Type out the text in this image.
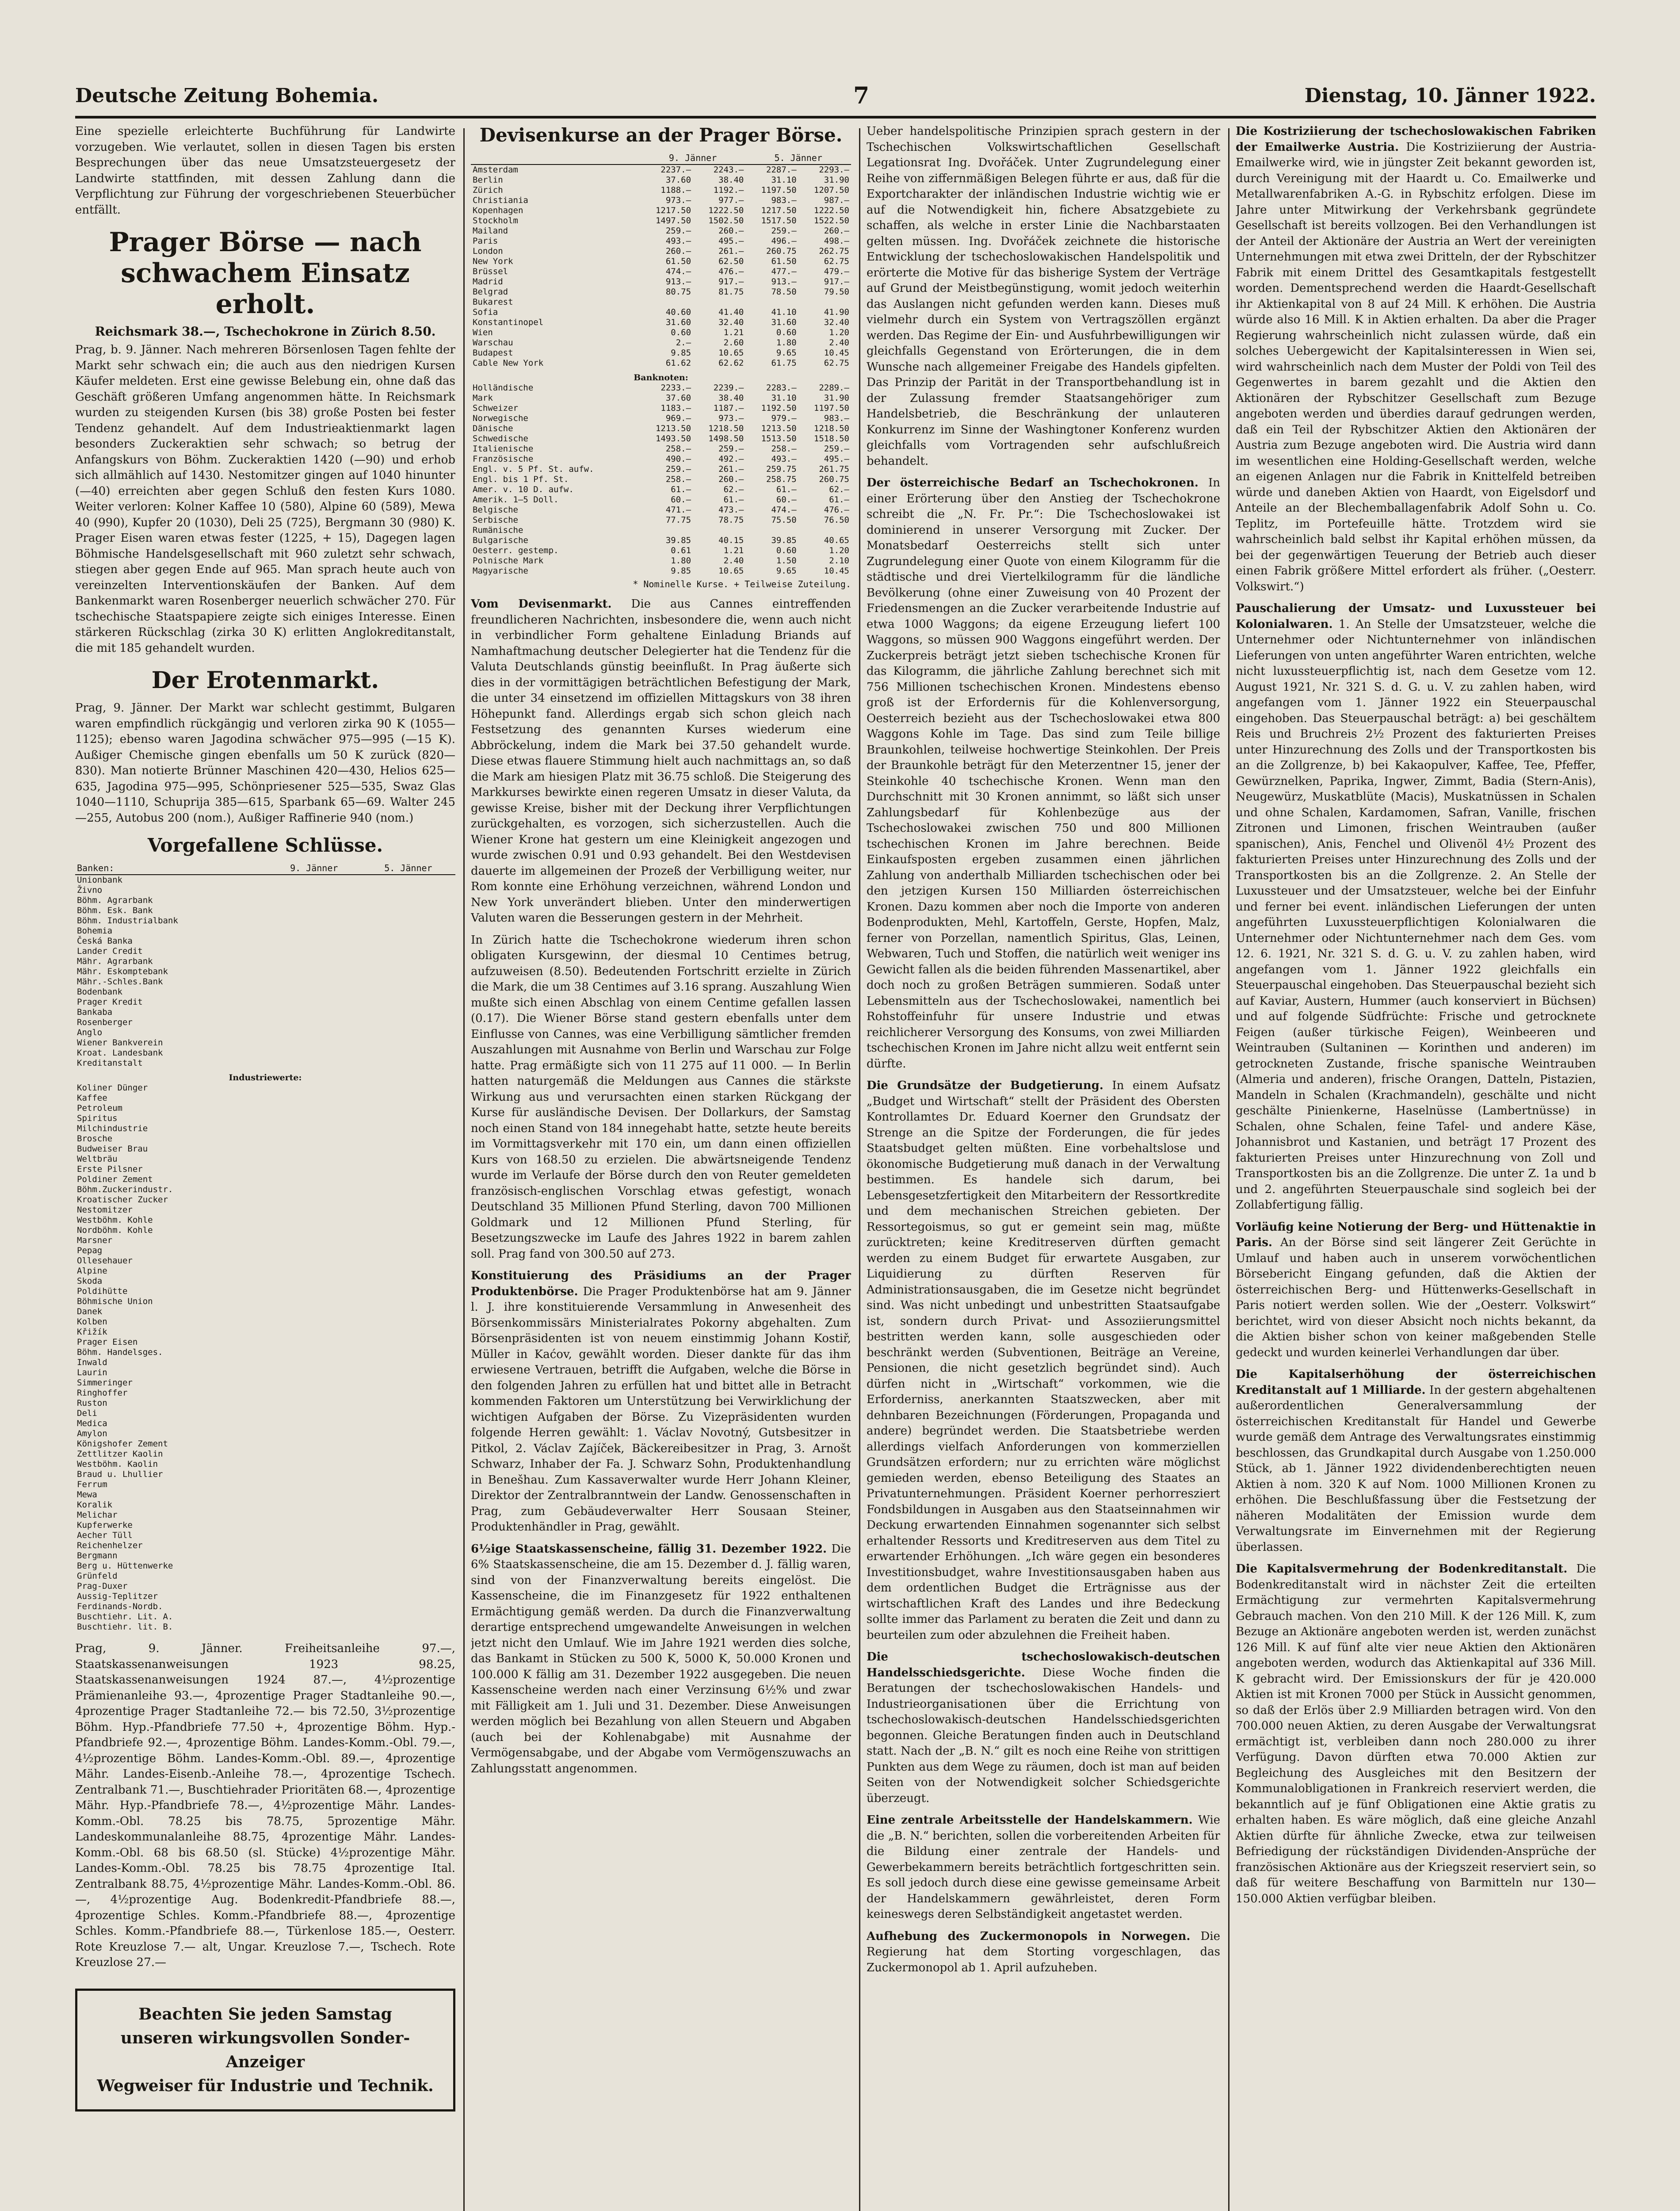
Deutsche Zeitung Bohemia.	7	Dienstag, 10. Jänner 1922.

Eine spezielle erleichterte Buchführung für Landwirte vorzugeben. Wie verlautet, sollen in diesen Tagen bis ersten Besprechungen über das neue Umsatzsteuergesetz der Landwirte stattfinden, mit dessen Zahlung dann die Verpflichtung zur Führung der vorgeschriebenen Steuerbücher entfällt.

Prager Börse — nach schwachem Einsatz erholt.
Reichsmark 38.—, Tschechokrone in Zürich 8.50.

Prag, b. 9. Jänner. Nach mehreren Börsenlosen Tagen fehlte der Markt sehr schwach ein; die auch aus den niedrigen Kursen Käufer meldeten. Erst eine gewisse Belebung ein, ohne daß das Geschäft größeren Umfang angenommen hätte. In Reichsmark wurden zu steigenden Kursen (bis 38) große Posten bei fester Tendenz gehandelt. Auf dem Industrieaktienmarkt lagen besonders Zuckeraktien sehr schwach; so betrug der Anfangskurs von Böhm. Zuckeraktien 1420 (—90) und erhob sich allmählich auf 1430. Nestomitzer gingen auf 1040 hinunter (—40) erreichten aber gegen Schluß den festen Kurs 1080. Weiter verloren: Kolner Kaffee 10 (580), Alpine 60 (589), Mewa 40 (990), Kupfer 20 (1030), Deli 25 (725), Bergmann 30 (980) K. Prager Eisen waren etwas fester (1225, + 15), Dagegen lagen Böhmische Handelsgesellschaft mit 960 zuletzt sehr schwach, stiegen aber gegen Ende auf 965. Man sprach heute auch von vereinzelten Interventionskäufen der Banken. Auf dem Bankenmarkt waren Rosenberger neuerlich schwächer 270. Für tschechische Staatspapiere zeigte sich einiges Interesse. Einen stärkeren Rückschlag (zirka 30 K) erlitten Anglokreditanstalt, die mit 185 gehandelt wurden.

Der Erotenmarkt.

Prag, 9. Jänner. Der Markt war schlecht gestimmt, Bulgaren waren empfindlich rückgängig und verloren zirka 90 K (1055—1125); ebenso waren Jagodina schwächer 975—995 (—15 K). Außiger Chemische gingen ebenfalls um 50 K zurück (820—830). Man notierte Brünner Maschinen 420—430, Helios 625—635, Jagodina 975—995, Schönpriesener 525—535, Swaz Glas 1040—1110, Schuprija 385—615, Sparbank 65—69. Walter 245—255, Autobus 200 (nom.), Außiger Raffinerie 940 (nom.)

Vorgefallene Schlüsse.
Banken:	9. Jänner	5. Jänner
Unionbank		
Živno		
Böhm. Agrarbank		
Böhm. Esk. Bank		
Böhm. Industrialbank		
Bohemia		
Česká Banka		
Lander Credit		
Mähr. Agrarbank		
Mähr. Eskomptebank		
Mähr.-Schles.Bank		
Bodenbank		
Prager Kredit		
Bankaba		
Rosenberger		
Anglo		
Wiener Bankverein		
Kroat. Landesbank		
Kreditanstalt		
Industriewerte:		
Koliner Dünger		
Kaffee		
Petroleum		
Spiritus		
Milchindustrie		
Brosche		
Budweiser Brau		
Weltbräu		
Erste Pilsner		
Poldiner Zement		
Böhm.Zuckerindustr.		
Kroatischer Zucker		
Nestomitzer		
Westböhm. Kohle		
Nordböhm. Kohle		
Marsner		
Pepag		
Ollesehauer		
Alpine		
Skoda		
Poldihütte		
Böhmische Union		
Danek		
Kolben		
Křižík		
Prager Eisen		
Böhm. Handelsges.		
Inwald		
Laurin		
Simmeringer		
Ringhoffer		
Ruston		
Deli		
Medica		
Amylon		
Königshofer Zement		
Zettlitzer Kaolin		
Westböhm. Kaolin		
Braud u. Lhullier		
Ferrum		
Mewa		
Koralik		
Melichar		
Kupferwerke		
Aecher Tüll		
Reichenhelzer		
Bergmann		
Berg u. Hüttenwerke		
Grünfeld		
Prag-Duxer		
Aussig-Teplitzer		
Ferdinands-Nordb.		
Buschtiehr. Lit. A.		
Buschtiehr. lit. B.		

Prag, 9. Jänner. Freiheitsanleihe 97.—, Staatskassenanweisungen 1923 98.25, Staatskassenanweisungen 1924 87.—, 4½prozentige Prämienanleihe 93.—, 4prozentige Prager Stadtanleihe 90.—, 4prozentige Prager Stadtanleihe 72.— bis 72.50, 3½prozentige Böhm. Hyp.-Pfandbriefe 77.50 +, 4prozentige Böhm. Hyp.-Pfandbriefe 92.—, 4prozentige Böhm. Landes-Komm.-Obl. 79.—, 4½prozentige Böhm. Landes-Komm.-Obl. 89.—, 4prozentige Mähr. Landes-Eisenb.-Anleihe 78.—, 4prozentige Tschech. Zentralbank 71.—, Buschtiehrader Prioritäten 68.—, 4prozentige Mähr. Hyp.-Pfandbriefe 78.—, 4½prozentige Mähr. Landes-Komm.-Obl. 78.25 bis 78.75, 5prozentige Mähr. Landeskommunalanleihe 88.75, 4prozentige Mähr. Landes-Komm.-Obl. 68 bis 68.50 (sl. Stücke) 4½prozentige Mähr. Landes-Komm.-Obl. 78.25 bis 78.75 4prozentige Ital. Zentralbank 88.75, 4½prozentige Mähr. Landes-Komm.-Obl. 86.—, 4½prozentige Aug. Bodenkredit-Pfandbriefe 88.—, 4prozentige Schles. Komm.-Pfandbriefe 88.—, 4prozentige Schles. Komm.-Pfandbriefe 88.—, Türkenlose 185.—, Oesterr. Rote Kreuzlose 7.— alt, Ungar. Kreuzlose 7.—, Tschech. Rote Kreuzlose 27.—

Beachten Sie jeden Samstag
unseren wirkungsvollen Sonder-Anzeiger
Wegweiser für Industrie und Technik.
Devisenkurse an der Prager Börse.
	9. Jänner		5. Jänner	
Amsterdam	2237.—	2243.—	2287.—	2293.—
Berlin	37.60	38.40	31.10	31.90
Zürich	1188.—	1192.—	1197.50	1207.50
Christiania	973.—	977.—	983.—	987.—
Kopenhagen	1217.50	1222.50	1217.50	1222.50
Stockholm	1497.50	1502.50	1517.50	1522.50
Mailand	259.—	260.—	259.—	260.—
Paris	493.—	495.—	496.—	498.—
London	260.—	261.—	260.75	262.75
New York	61.50	62.50	61.50	62.75
Brüssel	474.—	476.—	477.—	479.—
Madrid	913.—	917.—	913.—	917.—
Belgrad	80.75	81.75	78.50	79.50
Bukarest				
Sofia	40.60	41.40	41.10	41.90
Konstantinopel	31.60	32.40	31.60	32.40
Wien	0.60	1.21	0.60	1.20
Warschau	2.—	2.60	1.80	2.40
Budapest	9.85	10.65	9.65	10.45
Cable New York	61.62	62.62	61.75	62.75
Banknoten:				
Holländische	2233.—	2239.—	2283.—	2289.—
Mark	37.60	38.40	31.10	31.90
Schweizer	1183.—	1187.—	1192.50	1197.50
Norwegische	969.—	973.—	979.—	983.—
Dänische	1213.50	1218.50	1213.50	1218.50
Schwedische	1493.50	1498.50	1513.50	1518.50
Italienische	258.—	259.—	258.—	259.—
Französische	490.—	492.—	493.—	495.—
Engl. v. 5 Pf. St. aufw.	259.—	261.—	259.75	261.75
Engl. bis 1 Pf. St.	258.—	260.—	258.75	260.75
Amer. v. 10 D. aufw.	61.—	62.—	61.—	62.—
Amerik. 1—5 Doll.	60.—	61.—	60.—	61.—
Belgische	471.—	473.—	474.—	476.—
Serbische	77.75	78.75	75.50	76.50
Rumänische				
Bulgarische	39.85	40.15	39.85	40.65
Oesterr. gestemp.	0.61	1.21	0.60	1.20
Polnische Mark	1.80	2.40	1.50	2.10
Magyarische	9.85	10.65	9.65	10.45
* Nominelle Kurse. + Teilweise Zuteilung.

Vom Devisenmarkt. Die aus Cannes eintreffenden freundlicheren Nachrichten, insbesondere die, wenn auch nicht in verbindlicher Form gehaltene Einladung Briands auf Namhaftmachung deutscher Delegierter hat die Tendenz für die Valuta Deutschlands günstig beeinflußt. In Prag äußerte sich dies in der vormittägigen beträchtlichen Befestigung der Mark, die unter 34 einsetzend im offiziellen Mittagskurs von 38 ihren Höhepunkt fand. Allerdings ergab sich schon gleich nach Festsetzung des genannten Kurses wiederum eine Abbröckelung, indem die Mark bei 37.50 gehandelt wurde. Diese etwas flauere Stimmung hielt auch nachmittags an, so daß die Mark am hiesigen Platz mit 36.75 schloß. Die Steigerung des Markkurses bewirkte einen regeren Umsatz in dieser Valuta, da gewisse Kreise, bisher mit der Deckung ihrer Verpflichtungen zurückgehalten, es vorzogen, sich sicherzustellen. Auch die Wiener Krone hat gestern um eine Kleinigkeit angezogen und wurde zwischen 0.91 und 0.93 gehandelt. Bei den Westdevisen dauerte im allgemeinen der Prozeß der Verbilligung weiter, nur Rom konnte eine Erhöhung verzeichnen, während London und New York unverändert blieben. Unter den minderwertigen Valuten waren die Besserungen gestern in der Mehrheit.

In Zürich hatte die Tschechokrone wiederum ihren schon obligaten Kursgewinn, der diesmal 10 Centimes betrug, aufzuweisen (8.50). Bedeutenden Fortschritt erzielte in Zürich die Mark, die um 38 Centimes auf 3.16 sprang. Auszahlung Wien mußte sich einen Abschlag von einem Centime gefallen lassen (0.17). Die Wiener Börse stand gestern ebenfalls unter dem Einflusse von Cannes, was eine Verbilligung sämtlicher fremden Auszahlungen mit Ausnahme von Berlin und Warschau zur Folge hatte. Prag ermäßigte sich von 11 275 auf 11 000. — In Berlin hatten naturgemäß die Meldungen aus Cannes die stärkste Wirkung aus und verursachten einen starken Rückgang der Kurse für ausländische Devisen. Der Dollarkurs, der Samstag noch einen Stand von 184 innegehabt hatte, setzte heute bereits im Vormittagsverkehr mit 170 ein, um dann einen offiziellen Kurs von 168.50 zu erzielen. Die abwärtsneigende Tendenz wurde im Verlaufe der Börse durch den von Reuter gemeldeten französisch-englischen Vorschlag etwas gefestigt, wonach Deutschland 35 Millionen Pfund Sterling, davon 700 Millionen Goldmark und 12 Millionen Pfund Sterling, für Besetzungszwecke im Laufe des Jahres 1922 in barem zahlen soll. Prag fand von 300.50 auf 273.

Konstituierung des Präsidiums an der Prager Produktenbörse. Die Prager Produktenbörse hat am 9. Jänner l. J. ihre konstituierende Versammlung in Anwesenheit des Börsenkommissärs Ministerialrates Pokorny abgehalten. Zum Börsenpräsidenten ist von neuem einstimmig Johann Kostiř, Müller in Kaćov, gewählt worden. Dieser dankte für das ihm erwiesene Vertrauen, betrifft die Aufgaben, welche die Börse in den folgenden Jahren zu erfüllen hat und bittet alle in Betracht kommenden Faktoren um Unterstützung bei Verwirklichung der wichtigen Aufgaben der Börse. Zu Vizepräsidenten wurden folgende Herren gewählt: 1. Václav Novotný, Gutsbesitzer in Pitkol, 2. Václav Zajíček, Bäckereibesitzer in Prag, 3. Arnošt Schwarz, Inhaber der Fa. J. Schwarz Sohn, Produktenhandlung in Benešhau. Zum Kassaverwalter wurde Herr Johann Kleiner, Direktor der Zentralbranntwein der Landw. Genossenschaften in Prag, zum Gebäudeverwalter Herr Sousaan Steiner, Produktenhändler in Prag, gewählt.

6½ige Staatskassenscheine, fällig 31. Dezember 1922. Die 6% Staatskassenscheine, die am 15. Dezember d. J. fällig waren, sind von der Finanzverwaltung bereits eingelöst. Die Kassenscheine, die im Finanzgesetz für 1922 enthaltenen Ermächtigung gemäß werden. Da durch die Finanzverwaltung derartige entsprechend umgewandelte Anweisungen in welchen jetzt nicht den Umlauf. Wie im Jahre 1921 werden dies solche, das Bankamt in Stücken zu 500 K, 5000 K, 50.000 Kronen und 100.000 K fällig am 31. Dezember 1922 ausgegeben. Die neuen Kassenscheine werden nach einer Verzinsung 6½% und zwar mit Fälligkeit am 1. Juli und 31. Dezember. Diese Anweisungen werden möglich bei Bezahlung von allen Steuern und Abgaben (auch bei der Kohlenabgabe) mit Ausnahme der Vermögensabgabe, und der Abgabe vom Vermögenszuwachs an Zahlungsstatt angenommen.

Ueber handelspolitische Prinzipien sprach gestern in der Tschechischen Volkswirtschaftlichen Gesellschaft Legationsrat Ing. Dvořáček. Unter Zugrundelegung einer Reihe von ziffernmäßigen Belegen führte er aus, daß für die Exportcharakter der inländischen Industrie wichtig wie er auf die Notwendigkeit hin, fichere Absatzgebiete zu schaffen, als welche in erster Linie die Nachbarstaaten gelten müssen. Ing. Dvořáček zeichnete die historische Entwicklung der tschechoslowakischen Handelspolitik und erörterte die Motive für das bisherige System der Verträge auf Grund der Meistbegünstigung, womit jedoch weiterhin das Auslangen nicht gefunden werden kann. Dieses muß vielmehr durch ein System von Vertragszöllen ergänzt werden. Das Regime der Ein- und Ausfuhrbewilligungen wir gleichfalls Gegenstand von Erörterungen, die in dem Wunsche nach allgemeiner Freigabe des Handels gipfelten. Das Prinzip der Parität in der Transportbehandlung ist in der Zulassung fremder Staatsangehöriger zum Handelsbetrieb, die Beschränkung der unlauteren Konkurrenz im Sinne der Washingtoner Konferenz wurden gleichfalls vom Vortragenden sehr aufschlußreich behandelt.

Der österreichische Bedarf an Tschechokronen. In einer Erörterung über den Anstieg der Tschechokrone schreibt die „N. Fr. Pr.“: Die Tschechoslowakei ist dominierend in unserer Versorgung mit Zucker. Der Monatsbedarf Oesterreichs stellt sich unter Zugrundelegung einer Quote von einem Kilogramm für die städtische und drei Viertelkilogramm für die ländliche Bevölkerung (ohne einer Zuweisung von 40 Prozent der Friedensmengen an die Zucker verarbeitende Industrie auf etwa 1000 Waggons; da eigene Erzeugung liefert 100 Waggons, so müssen 900 Waggons eingeführt werden. Der Zuckerpreis beträgt jetzt sieben tschechische Kronen für das Kilogramm, die jährliche Zahlung berechnet sich mit 756 Millionen tschechischen Kronen. Mindestens ebenso groß ist der Erfordernis für die Kohlenversorgung, Oesterreich bezieht aus der Tschechoslowakei etwa 800 Waggons Kohle im Tage. Das sind zum Teile billige Braunkohlen, teilweise hochwertige Steinkohlen. Der Preis der Braunkohle beträgt für den Meterzentner 15, jener der Steinkohle 40 tschechische Kronen. Wenn man den Durchschnitt mit 30 Kronen annimmt, so läßt sich unser Zahlungsbedarf für Kohlenbezüge aus der Tschechoslowakei zwischen 750 und 800 Millionen tschechischen Kronen im Jahre berechnen. Beide Einkaufsposten ergeben zusammen einen jährlichen Zahlung von anderthalb Milliarden tschechischen oder bei den jetzigen Kursen 150 Milliarden österreichischen Kronen. Dazu kommen aber noch die Importe von anderen Bodenprodukten, Mehl, Kartoffeln, Gerste, Hopfen, Malz, ferner von Porzellan, namentlich Spiritus, Glas, Leinen, Webwaren, Tuch und Stoffen, die natürlich weit weniger ins Gewicht fallen als die beiden führenden Massenartikel, aber doch noch zu großen Beträgen summieren. Sodaß unter Lebensmitteln aus der Tschechoslowakei, namentlich bei Rohstoffeinfuhr für unsere Industrie und etwas reichlicherer Versorgung des Konsums, von zwei Milliarden tschechischen Kronen im Jahre nicht allzu weit entfernt sein dürfte.

Die Grundsätze der Budgetierung. In einem Aufsatz „Budget und Wirtschaft“ stellt der Präsident des Obersten Kontrollamtes Dr. Eduard Koerner den Grundsatz der Strenge an die Spitze der Forderungen, die für jedes Staatsbudget gelten müßten. Eine vorbehaltslose und ökonomische Budgetierung muß danach in der Verwaltung bestimmen. Es handele sich darum, bei Lebensgesetzfertigkeit den Mitarbeitern der Ressortkredite und dem mechanischen Streichen gebieten. Der Ressortegoismus, so gut er gemeint sein mag, müßte zurücktreten; keine Kreditreserven dürften gemacht werden zu einem Budget für erwartete Ausgaben, zur Liquidierung zu dürften Reserven für Administrationsausgaben, die im Gesetze nicht begründet sind. Was nicht unbedingt und unbestritten Staatsaufgabe ist, sondern durch Privat- und Assoziierungsmittel bestritten werden kann, solle ausgeschieden oder beschränkt werden (Subventionen, Beiträge an Vereine, Pensionen, die nicht gesetzlich begründet sind). Auch dürfen nicht in „Wirtschaft“ vorkommen, wie die Erforderniss, anerkannten Staatszwecken, aber mit dehnbaren Bezeichnungen (Förderungen, Propaganda und andere) begründet werden. Die Staatsbetriebe werden allerdings vielfach Anforderungen von kommerziellen Grundsätzen erfordern; nur zu errichten wäre möglichst gemieden werden, ebenso Beteiligung des Staates an Privatunternehmungen. Präsident Koerner perhorresziert Fondsbildungen in Ausgaben aus den Staatseinnahmen wir Deckung erwartenden Einnahmen sogenannter sich selbst erhaltender Ressorts und Kreditreserven aus dem Titel zu erwartender Erhöhungen. „Ich wäre gegen ein besonderes Investitionsbudget, wahre Investitionsausgaben haben aus dem ordentlichen Budget die Erträgnisse aus der wirtschaftlichen Kraft des Landes und ihre Bedeckung sollte immer das Parlament zu beraten die Zeit und dann zu beurteilen zum oder abzulehnen die Freiheit haben.

Die tschechoslowakisch-deutschen Handelsschiedsgerichte. Diese Woche finden die Beratungen der tschechoslowakischen Handels- und Industrieorganisationen über die Errichtung von tschechoslowakisch-deutschen Handelsschiedsgerichten begonnen. Gleiche Beratungen finden auch in Deutschland statt. Nach der „B. N.“ gilt es noch eine Reihe von strittigen Punkten aus dem Wege zu räumen, doch ist man auf beiden Seiten von der Notwendigkeit solcher Schiedsgerichte überzeugt.

Eine zentrale Arbeitsstelle der Handelskammern. Wie die „B. N.“ berichten, sollen die vorbereitenden Arbeiten für die Bildung einer zentrale der Handels- und Gewerbekammern bereits beträchtlich fortgeschritten sein. Es soll jedoch durch diese eine gewisse gemeinsame Arbeit der Handelskammern gewährleistet, deren Form keineswegs deren Selbständigkeit angetastet werden.

Aufhebung des Zuckermonopols in Norwegen. Die Regierung hat dem Storting vorgeschlagen, das Zuckermonopol ab 1. April aufzuheben.

Die Kostriziierung der tschechoslowakischen Fabriken der Emailwerke Austria. Die Kostriziierung der Austria-Emailwerke wird, wie in jüngster Zeit bekannt geworden ist, durch Vereinigung mit der Haardt u. Co. Emailwerke und Metallwarenfabriken A.-G. in Rybschitz erfolgen. Diese im Jahre unter Mitwirkung der Verkehrsbank gegründete Gesellschaft ist bereits vollzogen. Bei den Verhandlungen ist der Anteil der Aktionäre der Austria an Wert der vereinigten Unternehmungen mit etwa zwei Dritteln, der der Rybschitzer Fabrik mit einem Drittel des Gesamtkapitals festgestellt worden. Dementsprechend werden die Haardt-Gesellschaft ihr Aktienkapital von 8 auf 24 Mill. K erhöhen. Die Austria würde also 16 Mill. K in Aktien erhalten. Da aber die Prager Regierung wahrscheinlich nicht zulassen würde, daß ein solches Uebergewicht der Kapitalsinteressen in Wien sei, wird wahrscheinlich nach dem Muster der Poldi von Teil des Gegenwertes in barem gezahlt und die Aktien den Aktionären der Rybschitzer Gesellschaft zum Bezuge angeboten werden und überdies darauf gedrungen werden, daß ein Teil der Rybschitzer Aktien den Aktionären der Austria zum Bezuge angeboten wird. Die Austria wird dann im wesentlichen eine Holding-Gesellschaft werden, welche an eigenen Anlagen nur die Fabrik in Knittelfeld betreiben würde und daneben Aktien von Haardt, von Eigelsdorf und Anteile an der Blechemballagenfabrik Adolf Sohn u. Co. Teplitz, im Portefeuille hätte. Trotzdem wird sie wahrscheinlich bald selbst ihr Kapital erhöhen müssen, da bei der gegenwärtigen Teuerung der Betrieb auch dieser einen Fabrik größere Mittel erfordert als früher. („Oesterr. Volkswirt.“)

Pauschalierung der Umsatz- und Luxussteuer bei Kolonialwaren. 1. An Stelle der Umsatzsteuer, welche die Unternehmer oder Nichtunternehmer von inländischen Lieferungen von unten angeführter Waren entrichten, welche nicht luxussteuerpflichtig ist, nach dem Gesetze vom 12. August 1921, Nr. 321 S. d. G. u. V. zu zahlen haben, wird angefangen vom 1. Jänner 1922 ein Steuerpauschal eingehoben. Das Steuerpauschal beträgt: a) bei geschältem Reis und Bruchreis 2½ Prozent des fakturierten Preises unter Hinzurechnung des Zolls und der Transportkosten bis an die Zollgrenze, b) bei Kakaopulver, Kaffee, Tee, Pfeffer, Gewürznelken, Paprika, Ingwer, Zimmt, Badia (Stern-Anis), Neugewürz, Muskatblüte (Macis), Muskatnüssen in Schalen und ohne Schalen, Kardamomen, Safran, Vanille, frischen Zitronen und Limonen, frischen Weintrauben (außer spanischen), Anis, Fenchel und Olivenöl 4½ Prozent des fakturierten Preises unter Hinzurechnung des Zolls und der Transportkosten bis an die Zollgrenze. 2. An Stelle der Luxussteuer und der Umsatzsteuer, welche bei der Einfuhr und ferner bei event. inländischen Lieferungen der unten angeführten Luxussteuerpflichtigen Kolonialwaren die Unternehmer oder Nichtunternehmer nach dem Ges. vom 12. 6. 1921, Nr. 321 S. d. G. u. V. zu zahlen haben, wird angefangen vom 1. Jänner 1922 gleichfalls ein Steuerpauschal eingehoben. Das Steuerpauschal bezieht sich auf Kaviar, Austern, Hummer (auch konserviert in Büchsen) und auf folgende Südfrüchte: Frische und getrocknete Feigen (außer türkische Feigen), Weinbeeren und Weintrauben (Sultaninen — Korinthen und anderen) im getrockneten Zustande, frische spanische Weintrauben (Almeria und anderen), frische Orangen, Datteln, Pistazien, Mandeln in Schalen (Krachmandeln), geschälte und nicht geschälte Pinienkerne, Haselnüsse (Lambertnüsse) in Schalen, ohne Schalen, feine Tafel- und andere Käse, Johannisbrot und Kastanien, und beträgt 17 Prozent des fakturierten Preises unter Hinzurechnung von Zoll und Transportkosten bis an die Zollgrenze. Die unter Z. 1a und b und 2. angeführten Steuerpauschale sind sogleich bei der Zollabfertigung fällig.

Vorläufig keine Notierung der Berg- und Hüttenaktie in Paris. An der Börse sind seit längerer Zeit Gerüchte in Umlauf und haben auch in unserem vorwöchentlichen Börsebericht Eingang gefunden, daß die Aktien der österreichischen Berg- und Hüttenwerks-Gesellschaft in Paris notiert werden sollen. Wie der „Oesterr. Volkswirt“ berichtet, wird von dieser Absicht noch nichts bekannt, da die Aktien bisher schon von keiner maßgebenden Stelle gedeckt und wurden keinerlei Verhandlungen dar über.

Die Kapitalserhöhung der österreichischen Kreditanstalt auf 1 Milliarde. In der gestern abgehaltenen außerordentlichen Generalversammlung der österreichischen Kreditanstalt für Handel und Gewerbe wurde gemäß dem Antrage des Verwaltungsrates einstimmig beschlossen, das Grundkapital durch Ausgabe von 1.250.000 Stück, ab 1. Jänner 1922 dividendenberechtigten neuen Aktien à nom. 320 K auf Nom. 1000 Millionen Kronen zu erhöhen. Die Beschlußfassung über die Festsetzung der näheren Modalitäten der Emission wurde dem Verwaltungsrate im Einvernehmen mit der Regierung überlassen.

Die Kapitalsvermehrung der Bodenkreditanstalt. Die Bodenkreditanstalt wird in nächster Zeit die erteilten Ermächtigung zur vermehrten Kapitalsvermehrung Gebrauch machen. Von den 210 Mill. K der 126 Mill. K, zum Bezuge an Aktionäre angeboten werden ist, werden zunächst 126 Mill. K auf fünf alte vier neue Aktien den Aktionären angeboten werden, wodurch das Aktienkapital auf 336 Mill. K gebracht wird. Der Emissionskurs der für je 420.000 Aktien ist mit Kronen 7000 per Stück in Aussicht genommen, so daß der Erlös über 2.9 Milliarden betragen wird. Von den 700.000 neuen Aktien, zu deren Ausgabe der Verwaltungsrat ermächtigt ist, verbleiben dann noch 280.000 zu ihrer Verfügung. Davon dürften etwa 70.000 Aktien zur Begleichung des Ausgleiches mit den Besitzern der Kommunalobligationen in Frankreich reserviert werden, die bekanntlich auf je fünf Obligationen eine Aktie gratis zu erhalten haben. Es wäre möglich, daß eine gleiche Anzahl Aktien dürfte für ähnliche Zwecke, etwa zur teilweisen Befriedigung der rückständigen Dividenden-Ansprüche der französischen Aktionäre aus der Kriegszeit reserviert sein, so daß für weitere Beschaffung von Barmitteln nur 130—150.000 Aktien verfügbar bleiben.
